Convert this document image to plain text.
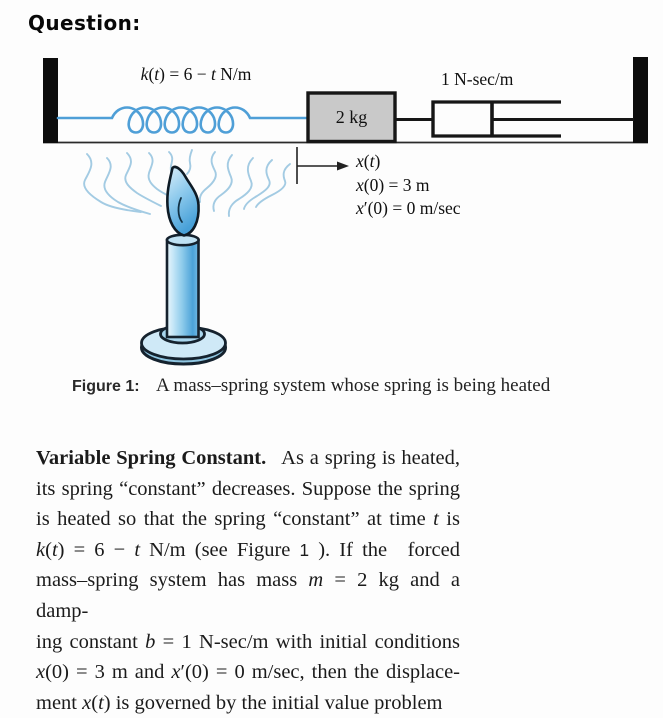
Question:
k(t) = 6 − t N/m	1 N-sec/m
2 kg
x(t)
x(0) = 3 m
x′(0) = 0 m/sec
Figure 1: A mass–spring system whose spring is being heated
Variable Spring Constant.  As a spring is heated,
its spring “constant” decreases. Suppose the spring
is heated so that the spring “constant” at time t is
k(t) = 6 − t N/m (see Figure 1 ). If the   forced
mass–spring system has mass m = 2 kg and a damp-
ing constant b = 1 N-sec/m with initial conditions
x(0) = 3 m and x′(0) = 0 m/sec, then the displace-
ment x(t) is governed by the initial value problem
